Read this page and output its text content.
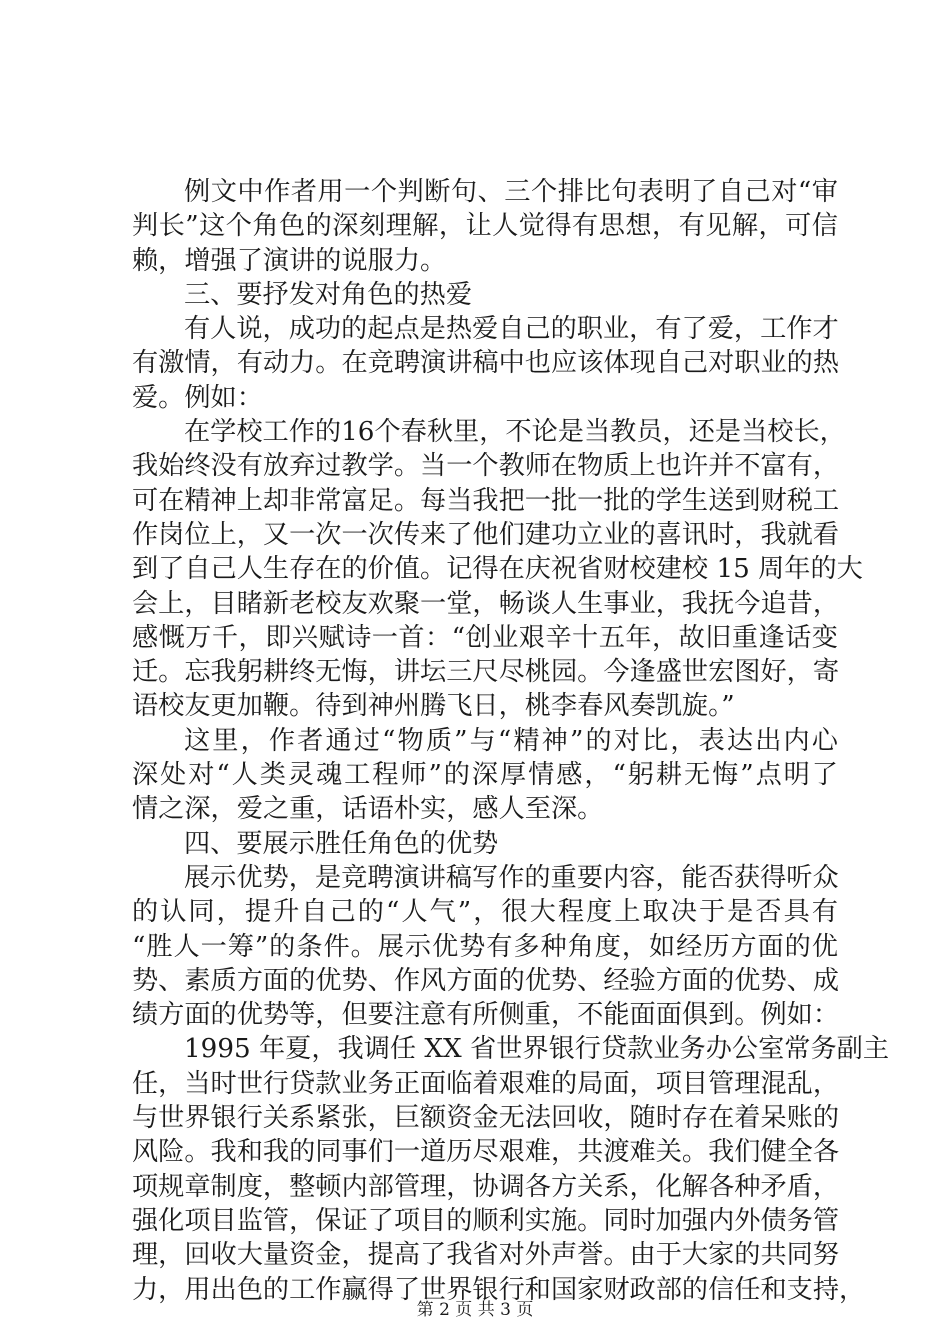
例文中作者用一个判断句、三个排比句表明了自己对“审
判长”这个角色的深刻理解，让人觉得有思想，有见解，可信
赖，增强了演讲的说服力。
三、要抒发对角色的热爱
有人说，成功的起点是热爱自己的职业，有了爱，工作才
有激情，有动力。在竞聘演讲稿中也应该体现自己对职业的热
爱。例如：
在学校工作的16个春秋里，不论是当教员，还是当校长，
我始终没有放弃过教学。当一个教师在物质上也许并不富有，
可在精神上却非常富足。每当我把一批一批的学生送到财税工
作岗位上，又一次一次传来了他们建功立业的喜讯时，我就看
到了自己人生存在的价值。记得在庆祝省财校建校 15 周年的大
会上，目睹新老校友欢聚一堂，畅谈人生事业，我抚今追昔，
感慨万千，即兴赋诗一首：“创业艰辛十五年，故旧重逢话变
迁。忘我躬耕终无悔，讲坛三尺尽桃园。今逢盛世宏图好，寄
语校友更加鞭。待到神州腾飞日，桃李春风奏凯旋。”
这里，作者通过“物质”与“精神”的对比，表达出内心
深处对“人类灵魂工程师”的深厚情感，“躬耕无悔”点明了
情之深，爱之重，话语朴实，感人至深。
四、要展示胜任角色的优势
展示优势，是竞聘演讲稿写作的重要内容，能否获得听众
的认同，提升自己的“人气”，很大程度上取决于是否具有
“胜人一筹”的条件。展示优势有多种角度，如经历方面的优
势、素质方面的优势、作风方面的优势、经验方面的优势、成
绩方面的优势等，但要注意有所侧重，不能面面俱到。例如：
1995 年夏，我调任 XX 省世界银行贷款业务办公室常务副主
任，当时世行贷款业务正面临着艰难的局面，项目管理混乱，
与世界银行关系紧张，巨额资金无法回收，随时存在着呆账的
风险。我和我的同事们一道历尽艰难，共渡难关。我们健全各
项规章制度，整顿内部管理，协调各方关系，化解各种矛盾，
强化项目监管，保证了项目的顺利实施。同时加强内外债务管
理，回收大量资金，提高了我省对外声誉。由于大家的共同努
力，用出色的工作赢得了世界银行和国家财政部的信任和支持，
第 2 页 共 3 页
